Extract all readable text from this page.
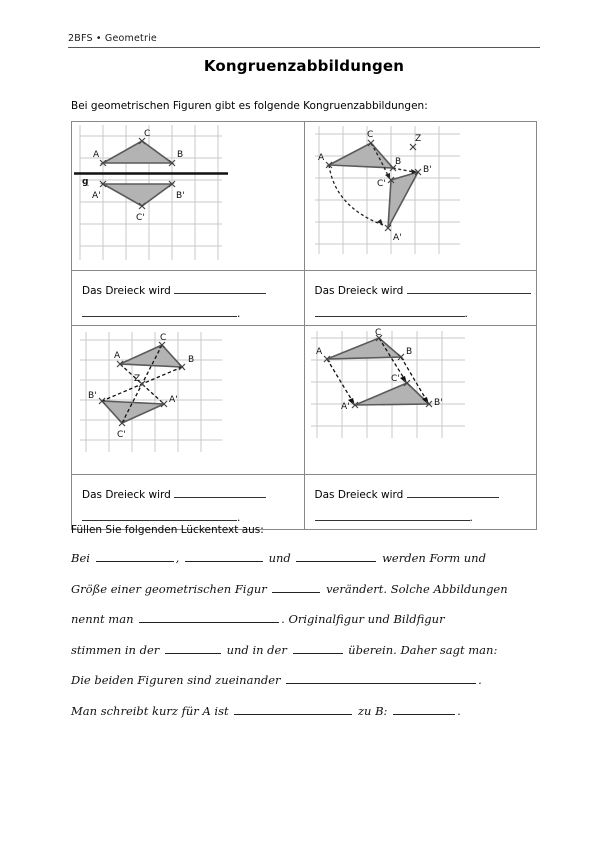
2BFS • Geometrie
Kongruenzabbildungen
Bei geometrischen Figuren gibt es folgende Kongruenzabbildungen:
A	B
C
A'	B'
C'
g

A	B
C
A'
B'
C'
Z

Das Dreieck wird
.	Das Dreieck wird
.

A	B
C
A'
B'
C'
Z

A	B
C
A'	B'
C'

Das Dreieck wird
.	Das Dreieck wird
.
Füllen Sie folgenden Lückentext aus:
Bei	,	und	werden Form und
Größe einer geometrischen Figur	verändert. Solche Abbildungen
nennt man	. Originalfigur und Bildfigur
stimmen in der	und in der	überein. Daher sagt man:
Die beiden Figuren sind zueinander	.
Man schreibt kurz für A ist	zu B:	.
